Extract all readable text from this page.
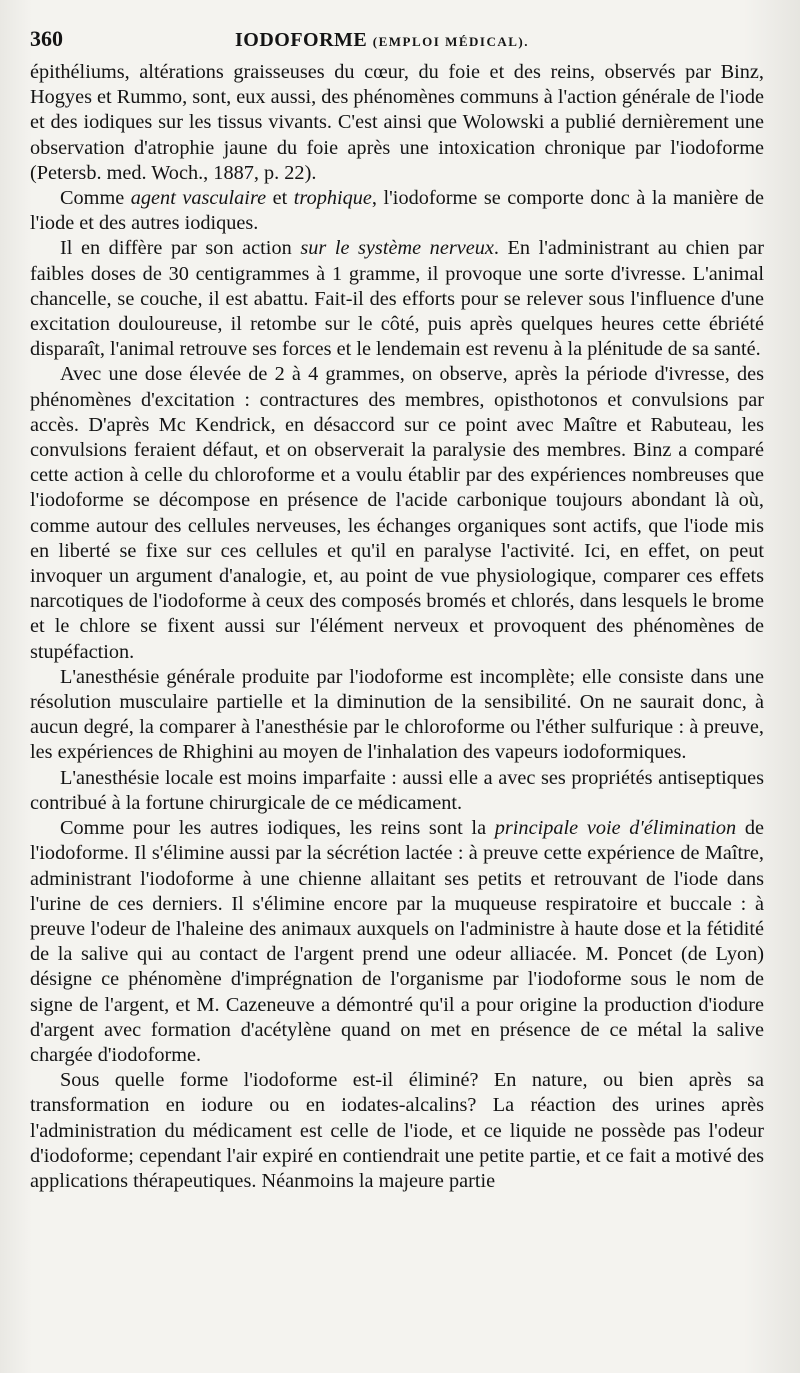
360	IODOFORME (EMPLOI MÉDICAL).

épithéliums, altérations graisseuses du cœur, du foie et des reins, observés par Binz, Hogyes et Rummo, sont, eux aussi, des phénomènes communs à l'action générale de l'iode et des iodiques sur les tissus vivants. C'est ainsi que Wolowski a publié dernièrement une observation d'atrophie jaune du foie après une intoxication chronique par l'iodoforme (Petersb. med. Woch., 1887, p. 22).

Comme agent vasculaire et trophique, l'iodoforme se comporte donc à la manière de l'iode et des autres iodiques.

Il en diffère par son action sur le système nerveux. En l'administrant au chien par faibles doses de 30 centigrammes à 1 gramme, il provoque une sorte d'ivresse. L'animal chancelle, se couche, il est abattu. Fait-il des efforts pour se relever sous l'influence d'une excitation douloureuse, il retombe sur le côté, puis après quelques heures cette ébriété disparaît, l'animal retrouve ses forces et le lendemain est revenu à la plénitude de sa santé.

Avec une dose élevée de 2 à 4 grammes, on observe, après la période d'ivresse, des phénomènes d'excitation : contractures des membres, opisthotonos et convulsions par accès. D'après Mc Kendrick, en désaccord sur ce point avec Maître et Rabuteau, les convulsions feraient défaut, et on observerait la paralysie des membres. Binz a comparé cette action à celle du chloroforme et a voulu établir par des expériences nombreuses que l'iodoforme se décompose en présence de l'acide carbonique toujours abondant là où, comme autour des cellules nerveuses, les échanges organiques sont actifs, que l'iode mis en liberté se fixe sur ces cellules et qu'il en paralyse l'activité. Ici, en effet, on peut invoquer un argument d'analogie, et, au point de vue physiologique, comparer ces effets narcotiques de l'iodoforme à ceux des composés bromés et chlorés, dans lesquels le brome et le chlore se fixent aussi sur l'élément nerveux et provoquent des phénomènes de stupéfaction.

L'anesthésie générale produite par l'iodoforme est incomplète; elle consiste dans une résolution musculaire partielle et la diminution de la sensibilité. On ne saurait donc, à aucun degré, la comparer à l'anesthésie par le chloroforme ou l'éther sulfurique : à preuve, les expériences de Rhighini au moyen de l'inhalation des vapeurs iodoformiques.

L'anesthésie locale est moins imparfaite : aussi elle a avec ses propriétés antiseptiques contribué à la fortune chirurgicale de ce médicament.

Comme pour les autres iodiques, les reins sont la principale voie d'élimination de l'iodoforme. Il s'élimine aussi par la sécrétion lactée : à preuve cette expérience de Maître, administrant l'iodoforme à une chienne allaitant ses petits et retrouvant de l'iode dans l'urine de ces derniers. Il s'élimine encore par la muqueuse respiratoire et buccale : à preuve l'odeur de l'haleine des animaux auxquels on l'administre à haute dose et la fétidité de la salive qui au contact de l'argent prend une odeur alliacée. M. Poncet (de Lyon) désigne ce phénomène d'imprégnation de l'organisme par l'iodoforme sous le nom de signe de l'argent, et M. Cazeneuve a démontré qu'il a pour origine la production d'iodure d'argent avec formation d'acétylène quand on met en présence de ce métal la salive chargée d'iodoforme.

Sous quelle forme l'iodoforme est-il éliminé? En nature, ou bien après sa transformation en iodure ou en iodates-alcalins? La réaction des urines après l'administration du médicament est celle de l'iode, et ce liquide ne possède pas l'odeur d'iodoforme; cependant l'air expiré en contiendrait une petite partie, et ce fait a motivé des applications thérapeutiques. Néanmoins la majeure partie
